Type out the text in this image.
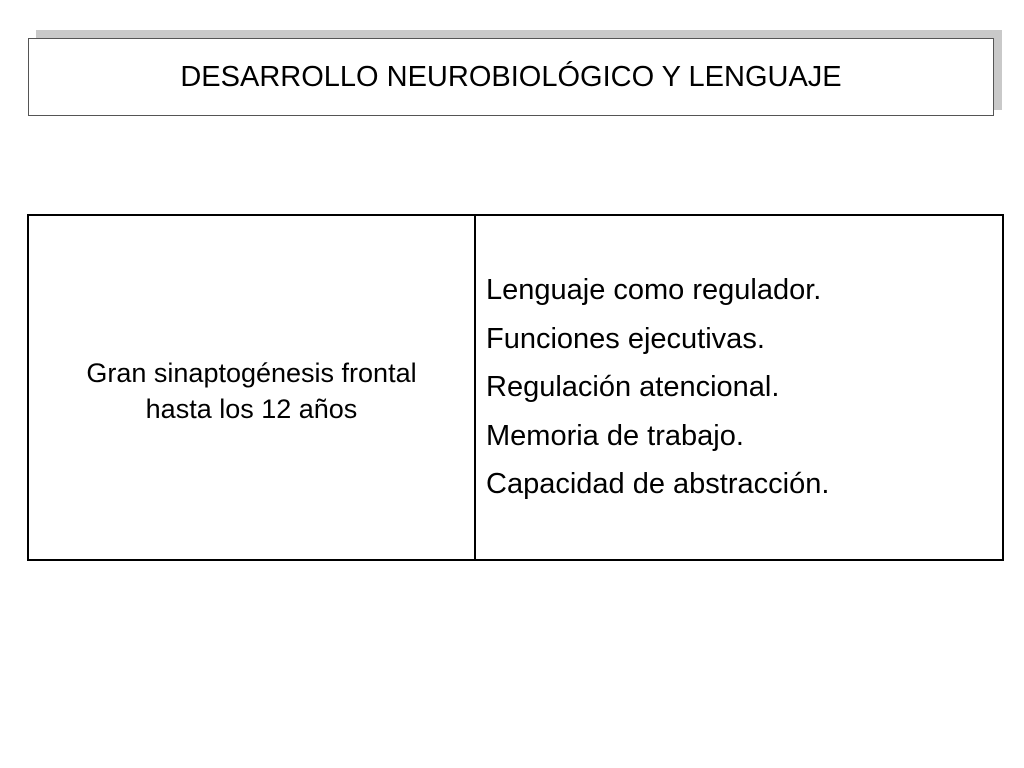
DESARROLLO NEUROBIOLÓGICO Y LENGUAJE
Gran sinaptogénesis frontal
hasta los 12 años
Lenguaje como regulador.
Funciones ejecutivas.
Regulación atencional.
Memoria de trabajo.
Capacidad de abstracción.
